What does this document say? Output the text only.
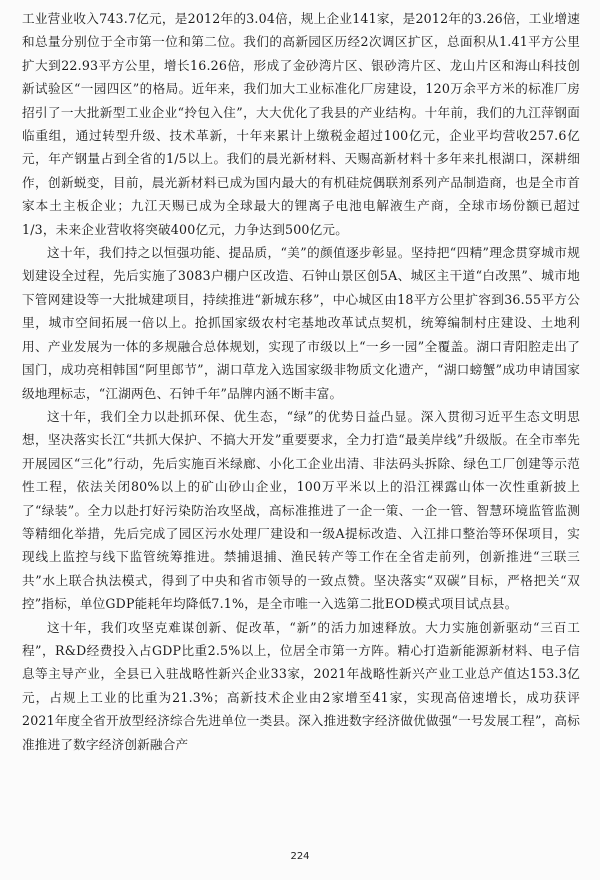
工业营业收入743.7亿元，是2012年的3.04倍，规上企业141家，是2012年的3.26倍，工业增速和总量分别位于全市第一位和第二位。我们的高新园区历经2次调区扩区，总面积从1.41平方公里扩大到22.93平方公里，增长16.26倍，形成了金砂湾片区、银砂湾片区、龙山片区和海山科技创新试验区“一园四区”的格局。近年来，我们加大工业标准化厂房建设，120万余平方米的标准厂房招引了一大批新型工业企业“拎包入住”，大大优化了我县的产业结构。十年前，我们的九江萍钢面临重组，通过转型升级、技术革新，十年来累计上缴税金超过100亿元，企业平均营收257.6亿元，年产钢量占到全省的1/5以上。我们的晨光新材料、天赐高新材料十多年来扎根湖口，深耕细作，创新蜕变，目前，晨光新材料已成为国内最大的有机硅烷偶联剂系列产品制造商，也是全市首家本土主板企业；九江天赐已成为全球最大的锂离子电池电解液生产商，全球市场份额已超过1/3，未来企业营收将突破400亿元，力争达到500亿元。

这十年，我们持之以恒强功能、提品质，“美”的颜值逐步彰显。坚持把“四精”理念贯穿城市规划建设全过程，先后实施了3083户棚户区改造、石钟山景区创5A、城区主干道“白改黑”、城市地下管网建设等一大批城建项目，持续推进“新城东移”，中心城区由18平方公里扩容到36.55平方公里，城市空间拓展一倍以上。抢抓国家级农村宅基地改革试点契机，统筹编制村庄建设、土地利用、产业发展为一体的多规融合总体规划，实现了市级以上“一乡一园”全覆盖。湖口青阳腔走出了国门，成功亮相韩国“阿里郎节”，湖口草龙入选国家级非物质文化遗产，“湖口螃蟹”成功申请国家级地理标志，“江湖两色、石钟千年”品牌内涵不断丰富。

这十年，我们全力以赴抓环保、优生态，“绿”的优势日益凸显。深入贯彻习近平生态文明思想，坚决落实长江“共抓大保护、不搞大开发”重要要求，全力打造“最美岸线”升级版。在全市率先开展园区“三化”行动，先后实施百米绿廊、小化工企业出清、非法码头拆除、绿色工厂创建等示范性工程，依法关闭80%以上的矿山砂山企业，100万平米以上的沿江裸露山体一次性重新披上了“绿装”。全力以赴打好污染防治攻坚战，高标准推进了一企一策、一企一管、智慧环境监管监测等精细化举措，先后完成了园区污水处理厂建设和一级A提标改造、入江排口整治等环保项目，实现线上监控与线下监管统筹推进。禁捕退捕、渔民转产等工作在全省走前列，创新推进“三联三共”水上联合执法模式，得到了中央和省市领导的一致点赞。坚决落实“双碳”目标，严格把关“双控”指标，单位GDP能耗年均降低7.1%，是全市唯一入选第二批EOD模式项目试点县。

这十年，我们攻坚克难谋创新、促改革，“新”的活力加速释放。大力实施创新驱动“三百工程”，R&D经费投入占GDP比重2.5%以上，位居全市第一方阵。精心打造新能源新材料、电子信息等主导产业，全县已入驻战略性新兴企业33家，2021年战略性新兴产业工业总产值达153.3亿元，占规上工业的比重为21.3%；高新技术企业由2家增至41家，实现高倍速增长，成功获评2021年度全省开放型经济综合先进单位一类县。深入推进数字经济做优做强“一号发展工程”，高标准推进了数字经济创新融合产

224
